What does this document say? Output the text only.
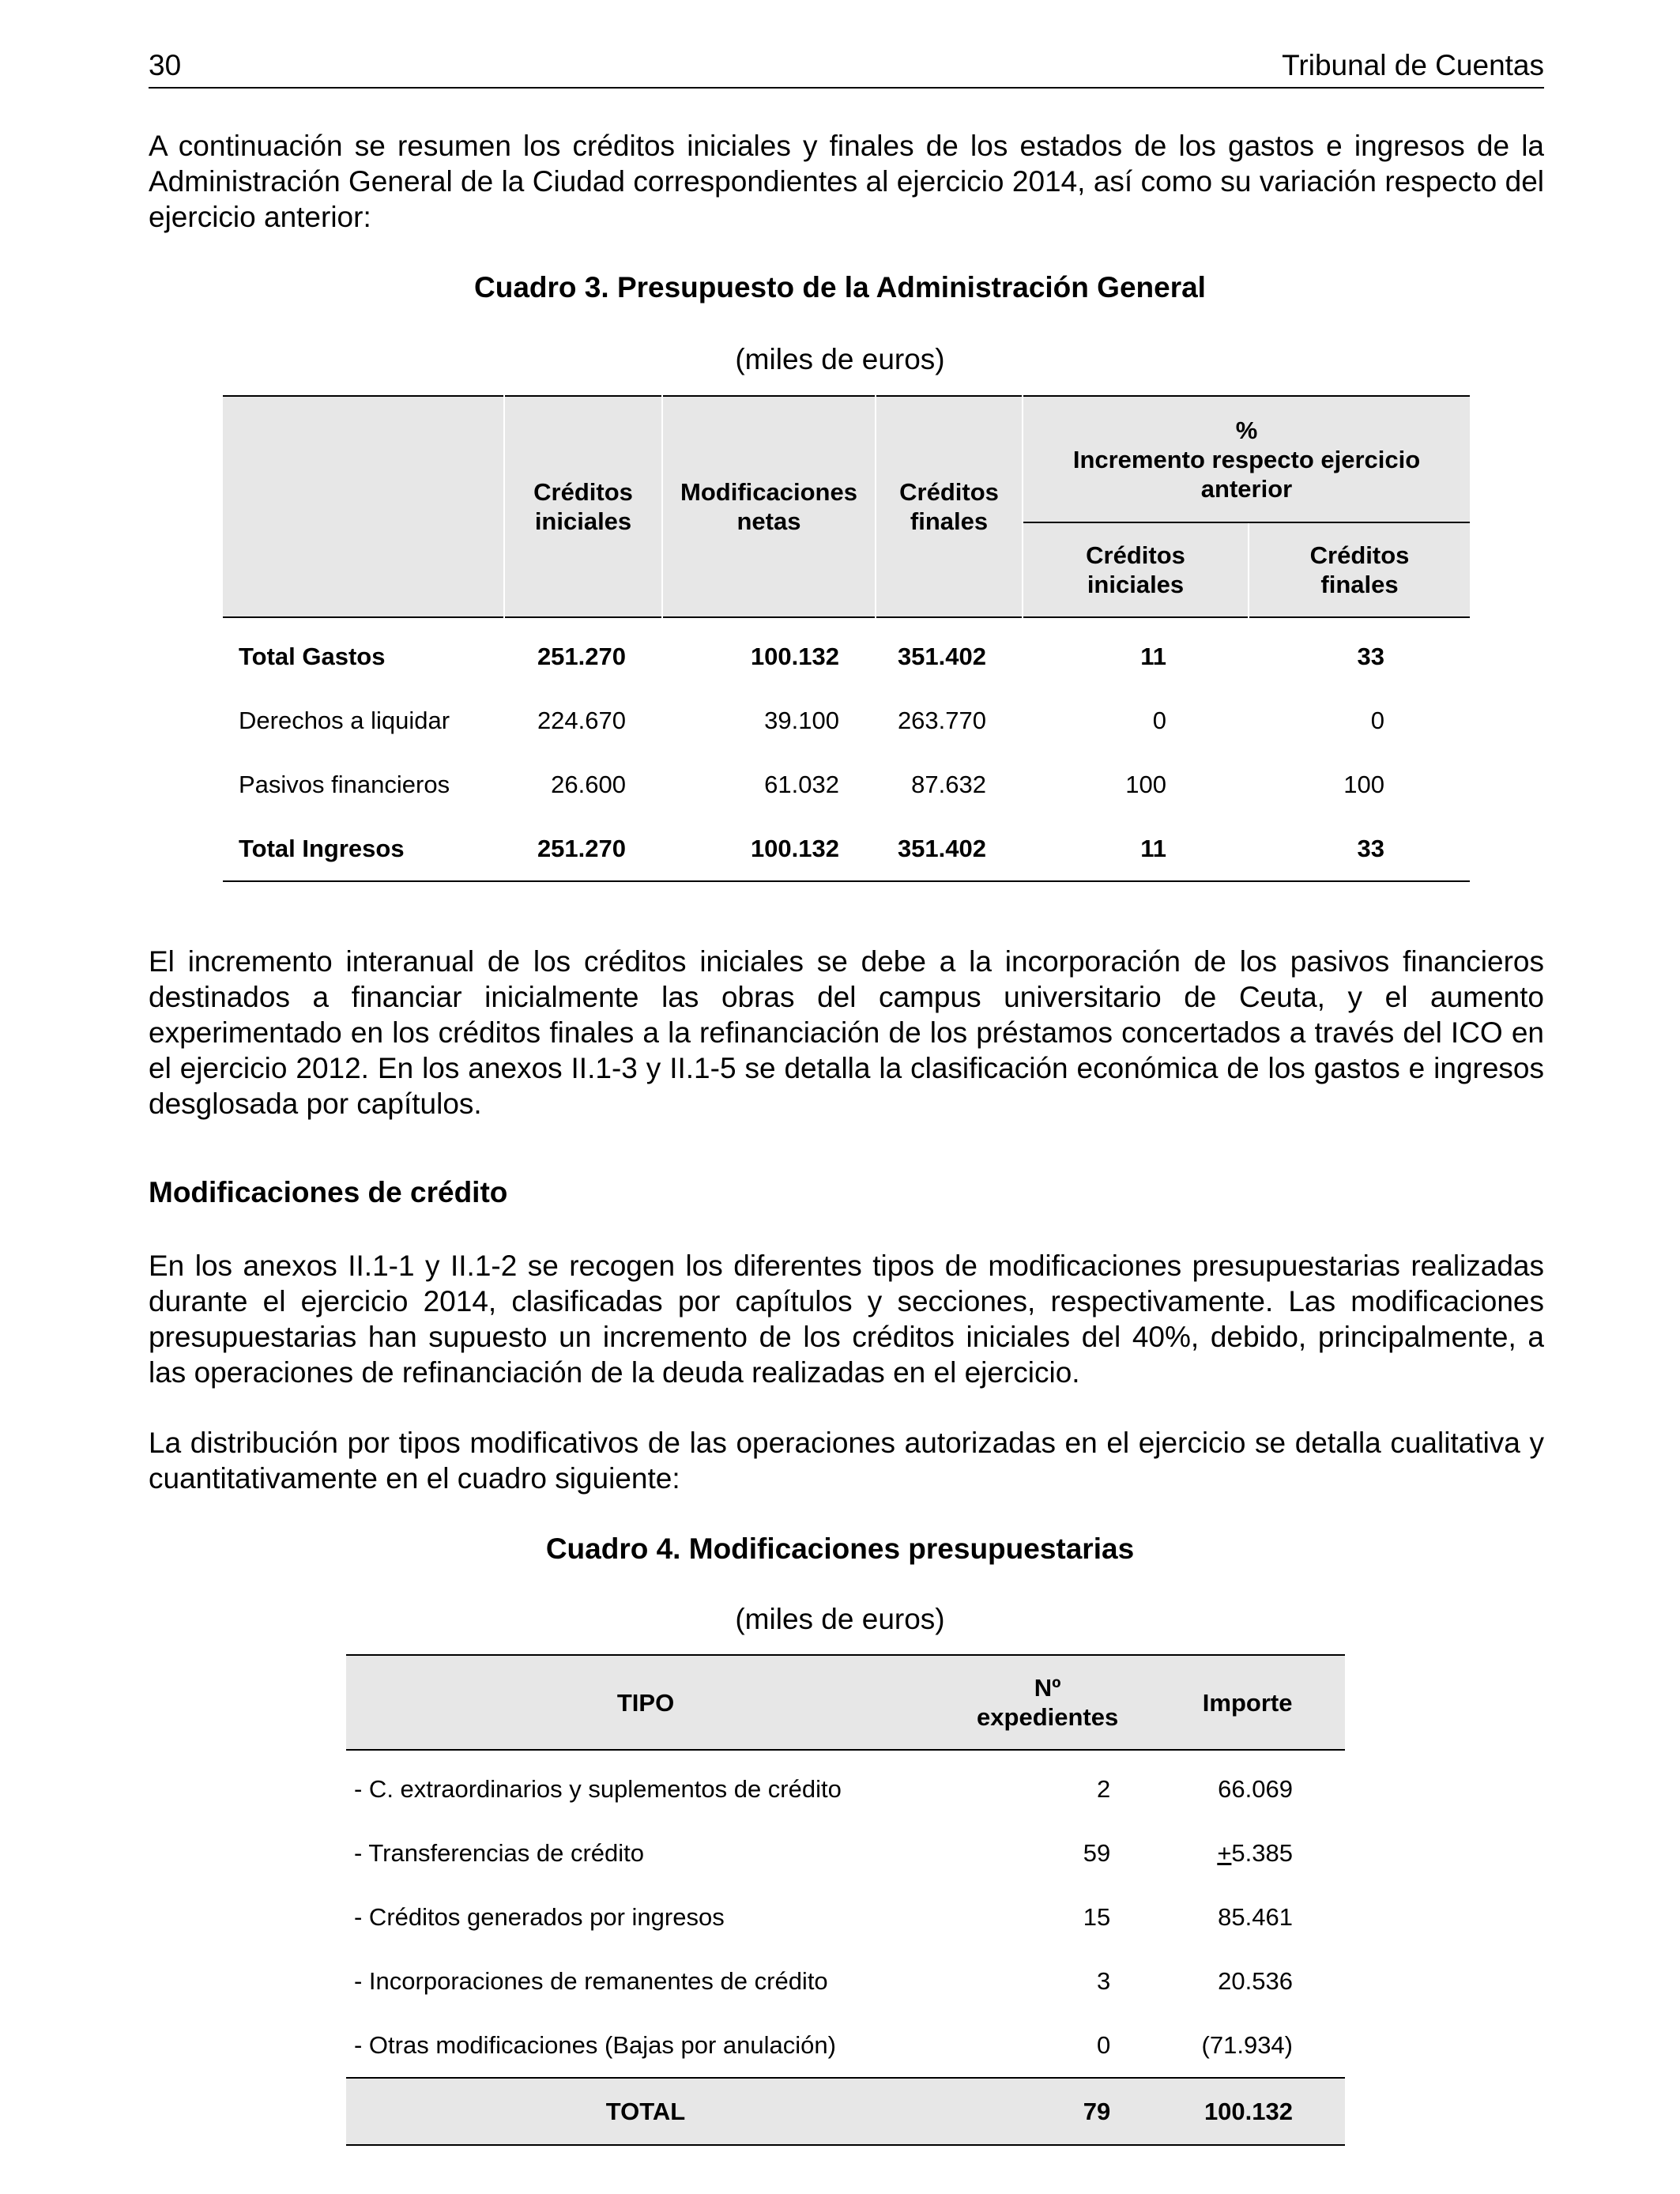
30	Tribunal de Cuentas

A continuación se resumen los créditos iniciales y finales de los estados de los gastos e ingresos de la Administración General de la Ciudad correspondientes al ejercicio 2014, así como su variación respecto del ejercicio anterior:

Cuadro 3. Presupuesto de la Administración General
(miles de euros)
	Créditos iniciales	Modificaciones netas	Créditos finales	%
Incremento respecto ejercicio anterior	

				Créditos iniciales	Créditos finales
Total Gastos	251.270	100.132	351.402	11	33
Derechos a liquidar	224.670	39.100	263.770	0	0
Pasivos financieros	26.600	61.032	87.632	100	100
Total Ingresos	251.270	100.132	351.402	11	33

El incremento interanual de los créditos iniciales se debe a la incorporación de los pasivos financieros destinados a financiar inicialmente las obras del campus universitario de Ceuta, y el aumento experimentado en los créditos finales a la refinanciación de los préstamos concertados a través del ICO en el ejercicio 2012. En los anexos II.1-3 y II.1-5 se detalla la clasificación económica de los gastos e ingresos desglosada por capítulos.

Modificaciones de crédito

En los anexos II.1-1 y II.1-2 se recogen los diferentes tipos de modificaciones presupuestarias realizadas durante el ejercicio 2014, clasificadas por capítulos y secciones, respectivamente. Las modificaciones presupuestarias han supuesto un incremento de los créditos iniciales del 40%, debido, principalmente, a las operaciones de refinanciación de la deuda realizadas en el ejercicio.

La distribución por tipos modificativos de las operaciones autorizadas en el ejercicio se detalla cualitativa y cuantitativamente en el cuadro siguiente:

Cuadro 4. Modificaciones presupuestarias
(miles de euros)
TIPO	Nº expedientes	Importe
- C. extraordinarios y suplementos de crédito	2	66.069
- Transferencias de crédito	59	+5.385
- Créditos generados por ingresos	15	85.461
- Incorporaciones de remanentes de crédito	3	20.536
- Otras modificaciones (Bajas por anulación)	0	(71.934)
TOTAL	79	100.132
